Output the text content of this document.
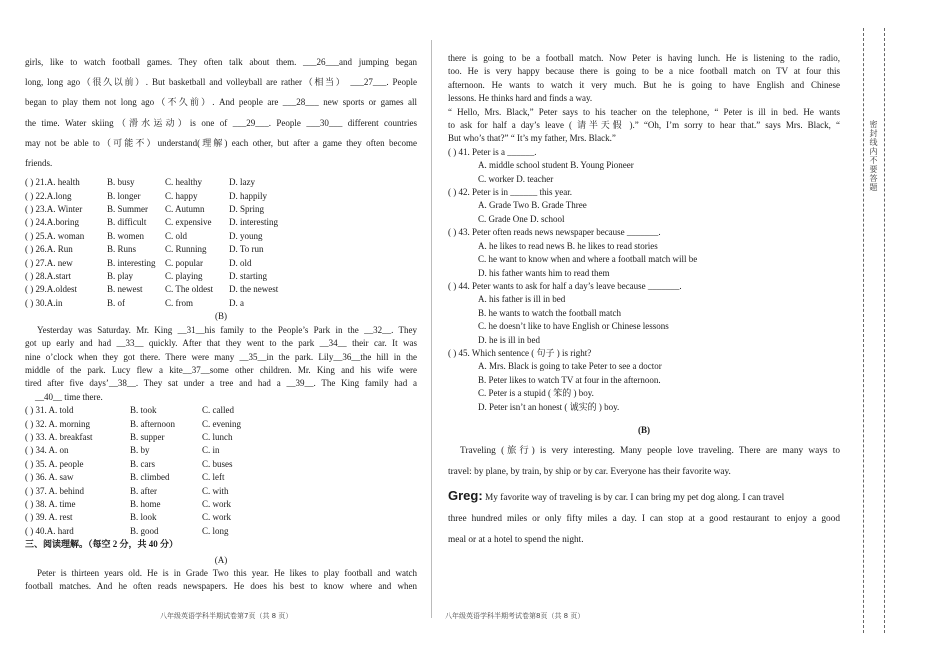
密封线内不要答题
girls, like to watch football games. They often talk about them. ___26___and jumping began
long, long ago（很久以前）. But basketball and volleyball are rather（相当） ___27___. People
began to play them not long ago（不久前）. And people are ___28___ new sports or games all
the time. Water skiing（滑水运动）is one of ___29___. People ___30___ different countries
may not be able to（可能不）understand(理解) each other, but after a game they often become
friends.
( ) 21.A. health	B. busy	C. healthy	D. lazy
( ) 22.A.long	B. longer	C. happy	D. happily
( ) 23.A. Winter	B. Summer	C. Autumn	D. Spring
( ) 24.A.boring	B. difficult	C. expensive	D. interesting
( ) 25.A. woman	B. women	C. old	D. young
( ) 26.A. Run	B. Runs	C. Running	D. To run
( ) 27.A. new	B. interesting	C. popular	D. old
( ) 28.A.start	B. play	C. playing	D. starting
( ) 29.A.oldest	B. newest	C. The oldest	D. the newest
( ) 30.A.in	B. of	C. from	D. a
(B)
Yesterday was Saturday. Mr. King __31__his family to the People’s Park in the __32__. They
got up early and had __33__ quickly. After that they went to the park __34__ their car. It was
nine o’clock when they got there. There were many __35__in the park. Lily__36__the hill in the
middle of the park. Lucy flew a kite__37__some other children. Mr. King and his wife were
tired after five days’__38__. They sat under a tree and had a __39__. The King family had a
__40__ time there.
( ) 31. A. told	B. took	C. called
( ) 32. A. morning	B. afternoon	C. evening
( ) 33. A. breakfast	B. supper	C. lunch
( ) 34. A. on	B. by	C. in
( ) 35. A. people	B. cars	C. buses
( ) 36. A. saw	B. climbed	C. left
( ) 37. A. behind	B. after	C. with
( ) 38. A. time	B. home	C. work
( ) 39. A. rest	B. look	C. work
( ) 40.A. hard	B. good	C. long
三、阅读理解。（每空 2 分，共 40 分）
(A)
Peter is thirteen years old. He is in Grade Two this year. He likes to play football and watch
football matches. And he often reads newspapers. He does his best to know where and when
there is going to be a football match. Now Peter is having lunch. He is listening to the radio,
too. He is very happy because there is going to be a nice football match on TV at four this
afternoon. He wants to watch it very much. But he is going to have English and Chinese
lessons. He thinks hard and finds a way.
“ Hello, Mrs. Black,” Peter says to his teacher on the telephone, “ Peter is ill in bed. He wants
to ask for half a day’s leave ( 请半天假 ).” “Oh, I’m sorry to hear that.” says Mrs. Black, “
But who’s that?” “ It’s my father, Mrs. Black.”
( ) 41. Peter is a ______.
A. middle school student B. Young Pioneer
C. worker D. teacher
( ) 42. Peter is in ______ this year.
A. Grade Two B. Grade Three
C. Grade One D. school
( ) 43. Peter often reads news newspaper because _______.
A. he likes to read news B. he likes to read stories
C. he want to know when and where a football match will be
D. his father wants him to read them
( ) 44. Peter wants to ask for half a day’s leave because _______.
A. his father is ill in bed
B. he wants to watch the football match
C. he doesn’t like to have English or Chinese lessons
D. he is ill in bed
( ) 45. Which sentence ( 句子 ) is right?
A. Mrs. Black is going to take Peter to see a doctor
B. Peter likes to watch TV at four in the afternoon.
C. Peter is a stupid ( 笨的 ) boy.
D. Peter isn’t an honest ( 诚实的 ) boy.
(B)
Traveling (旅行) is very interesting. Many people love traveling. There are many ways to
travel: by plane, by train, by ship or by car. Everyone has their favorite way.
Greg: My favorite way of traveling is by car. I can bring my pet dog along. I can travel
three hundred miles or only fifty miles a day. I can stop at a good restaurant to enjoy a good
meal or at a hotel to spend the night.
八年级英语学科半期试卷第7页（共 8 页）	八年级英语学科半期考试卷第8页（共 8 页）
